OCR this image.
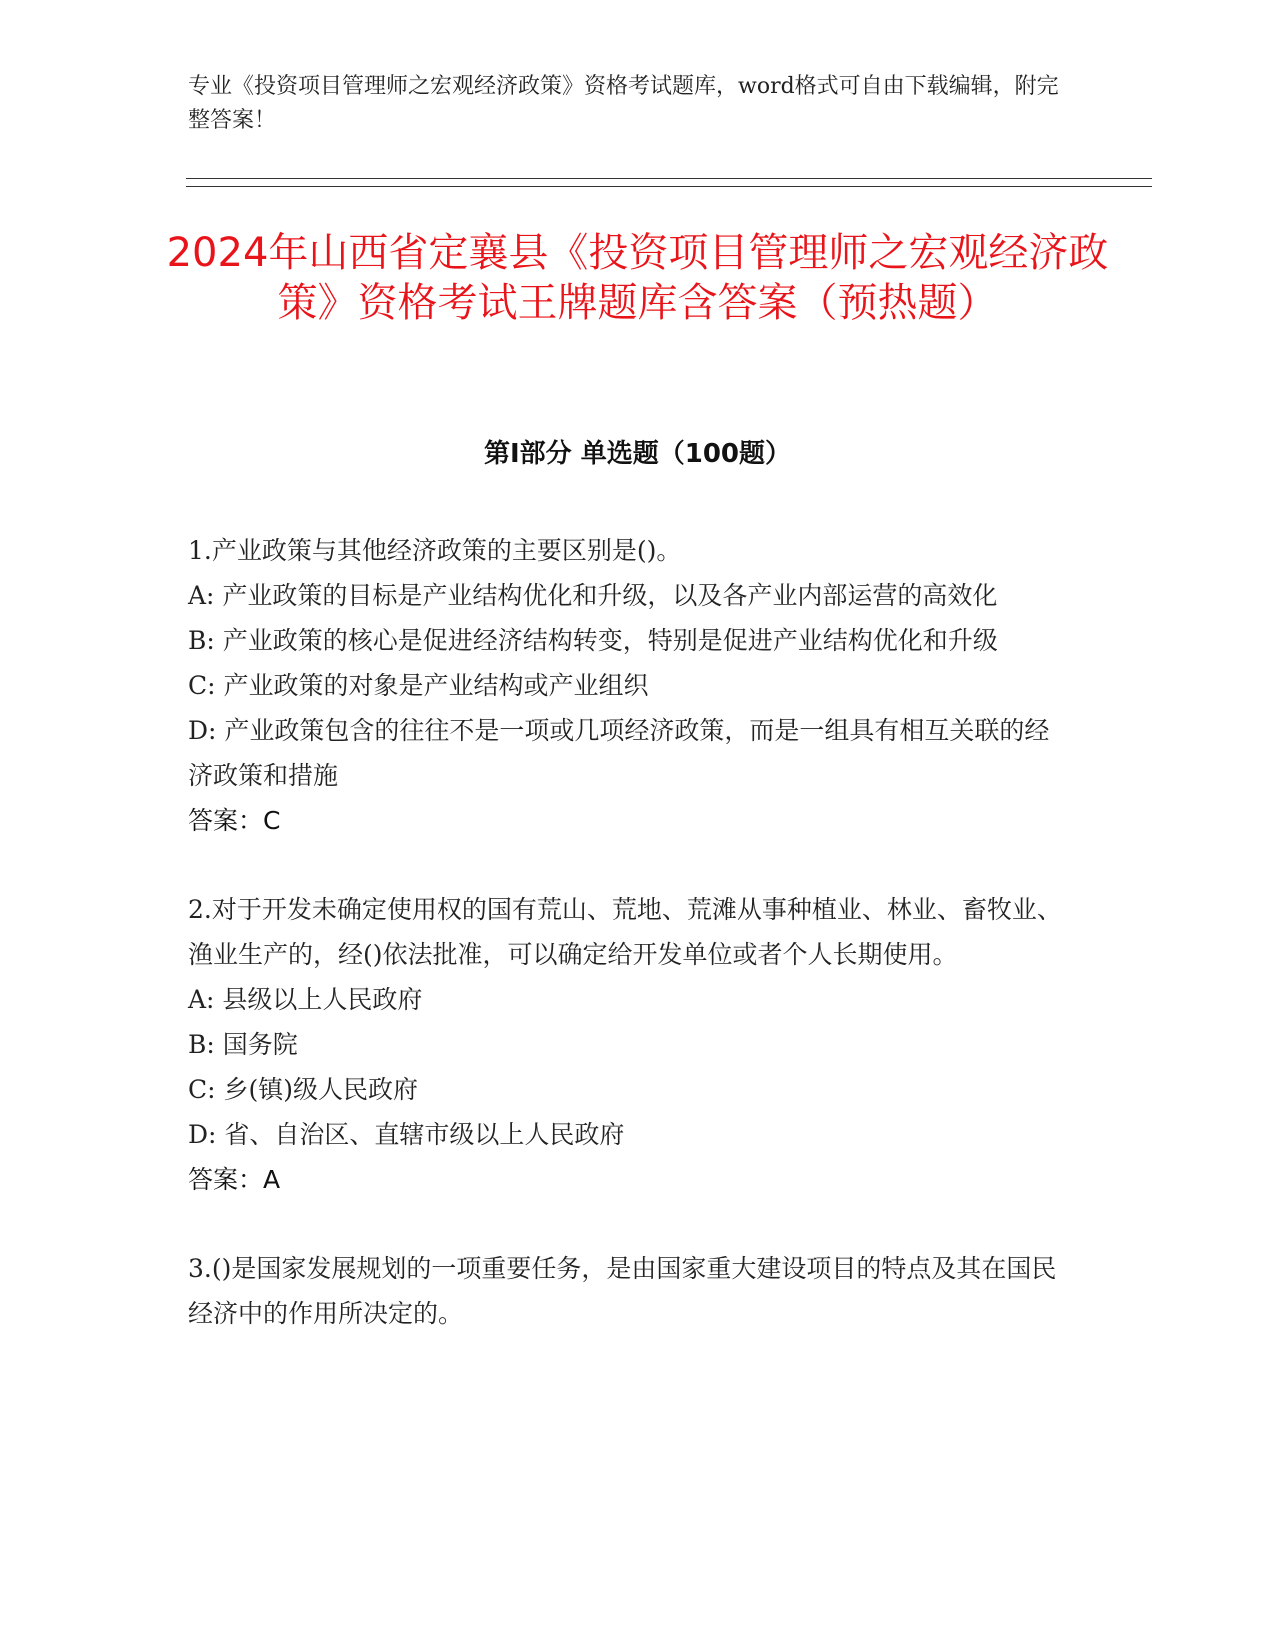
专业《投资项目管理师之宏观经济政策》资格考试题库，word格式可自由下载编辑，附完整答案！
2024年山西省定襄县《投资项目管理师之宏观经济政策》资格考试王牌题库含答案（预热题）
第Ⅰ部分 单选题（100题）

1.产业政策与其他经济政策的主要区别是()。

A: 产业政策的目标是产业结构优化和升级，以及各产业内部运营的高效化

B: 产业政策的核心是促进经济结构转变，特别是促进产业结构优化和升级

C: 产业政策的对象是产业结构或产业组织

D: 产业政策包含的往往不是一项或几项经济政策，而是一组具有相互关联的经济政策和措施

答案：C

2.对于开发未确定使用权的国有荒山、荒地、荒滩从事种植业、林业、畜牧业、渔业生产的，经()依法批准，可以确定给开发单位或者个人长期使用。

A: 县级以上人民政府

B: 国务院

C: 乡(镇)级人民政府

D: 省、自治区、直辖市级以上人民政府

答案：A

3.()是国家发展规划的一项重要任务，是由国家重大建设项目的特点及其在国民经济中的作用所决定的。
